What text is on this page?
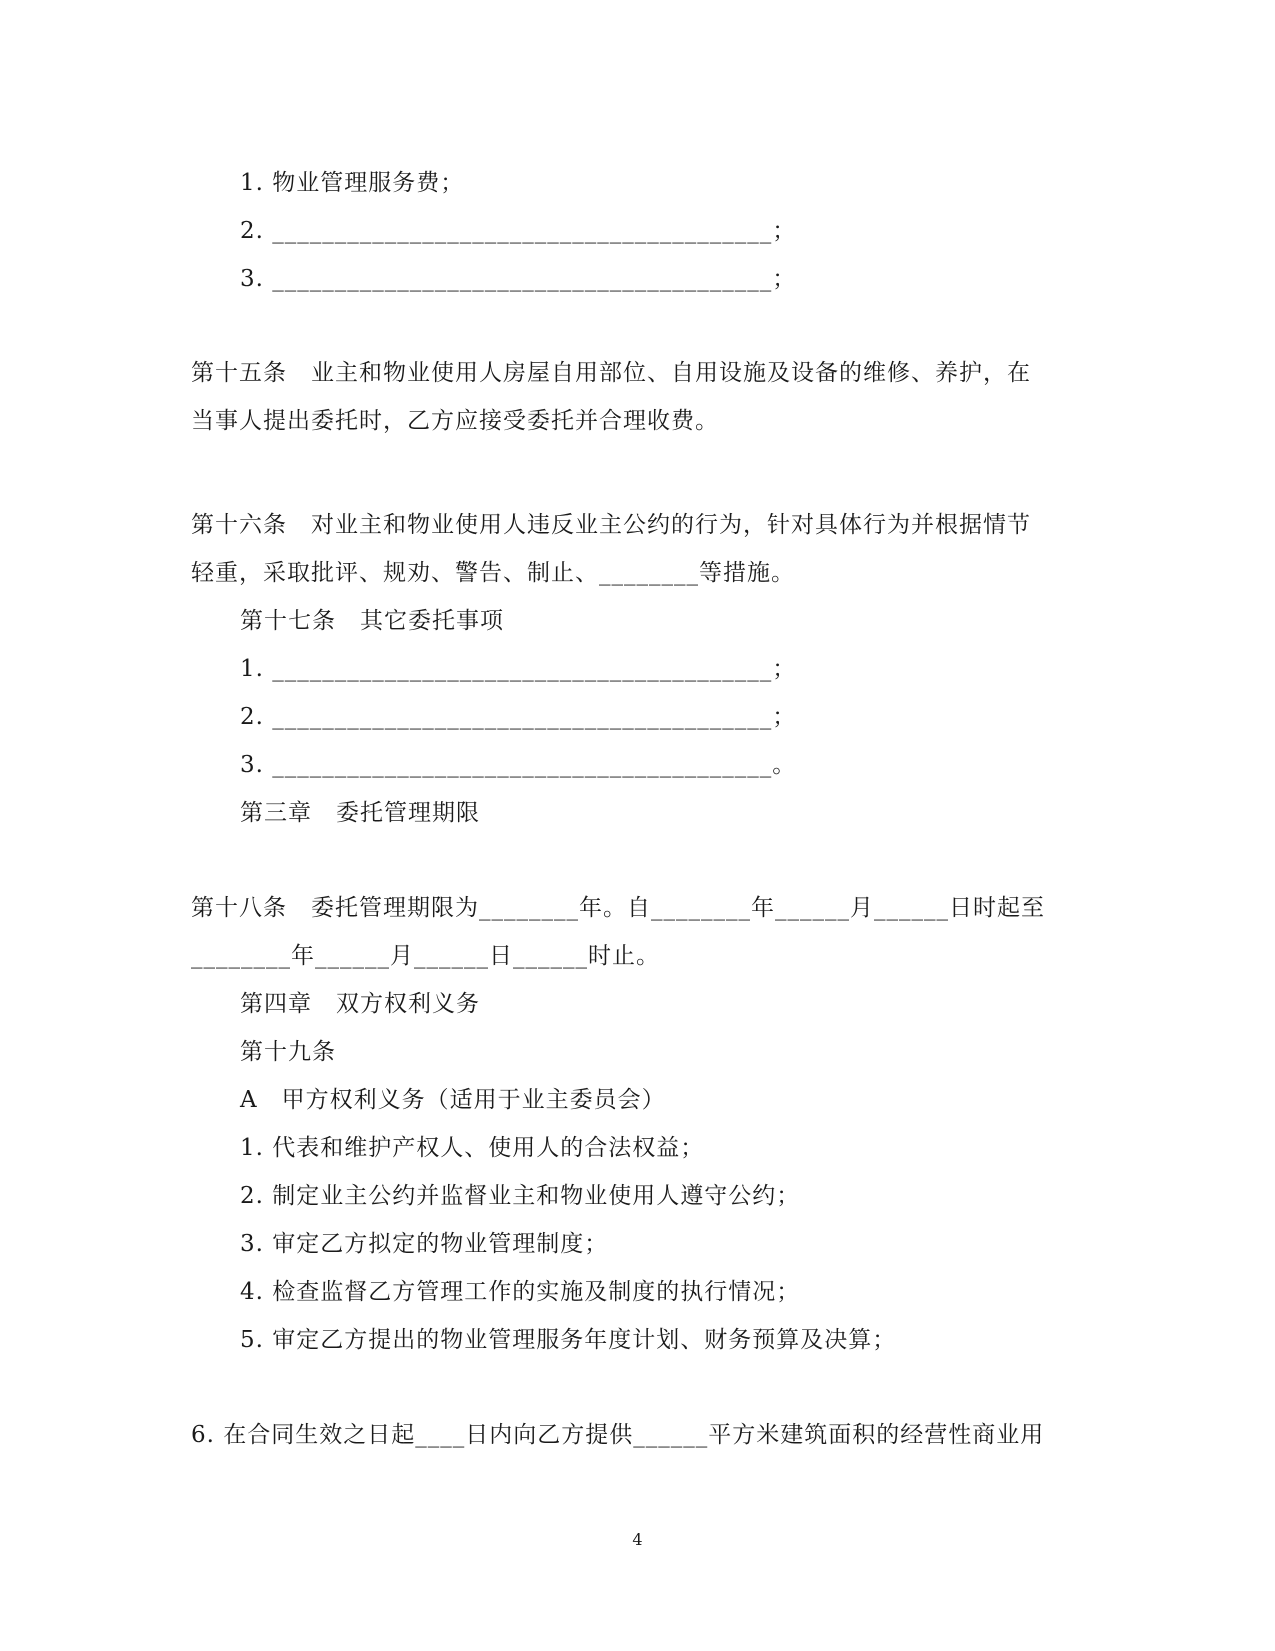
1. 物业管理服务费；
2. ________________________________________；
3. ________________________________________；
第十五条　业主和物业使用人房屋自用部位、自用设施及设备的维修、养护，在
当事人提出委托时，乙方应接受委托并合理收费。
第十六条　对业主和物业使用人违反业主公约的行为，针对具体行为并根据情节
轻重，采取批评、规劝、警告、制止、________等措施。
第十七条　其它委托事项
1. ________________________________________；
2. ________________________________________；
3. ________________________________________。
第三章　委托管理期限
第十八条　委托管理期限为________年。自________年______月______日时起至
________年______月______日______时止。
第四章　双方权利义务
第十九条
A　甲方权利义务（适用于业主委员会）
1. 代表和维护产权人、使用人的合法权益；
2. 制定业主公约并监督业主和物业使用人遵守公约；
3. 审定乙方拟定的物业管理制度；
4. 检查监督乙方管理工作的实施及制度的执行情况；
5. 审定乙方提出的物业管理服务年度计划、财务预算及决算；
6. 在合同生效之日起____日内向乙方提供______平方米建筑面积的经营性商业用
4
